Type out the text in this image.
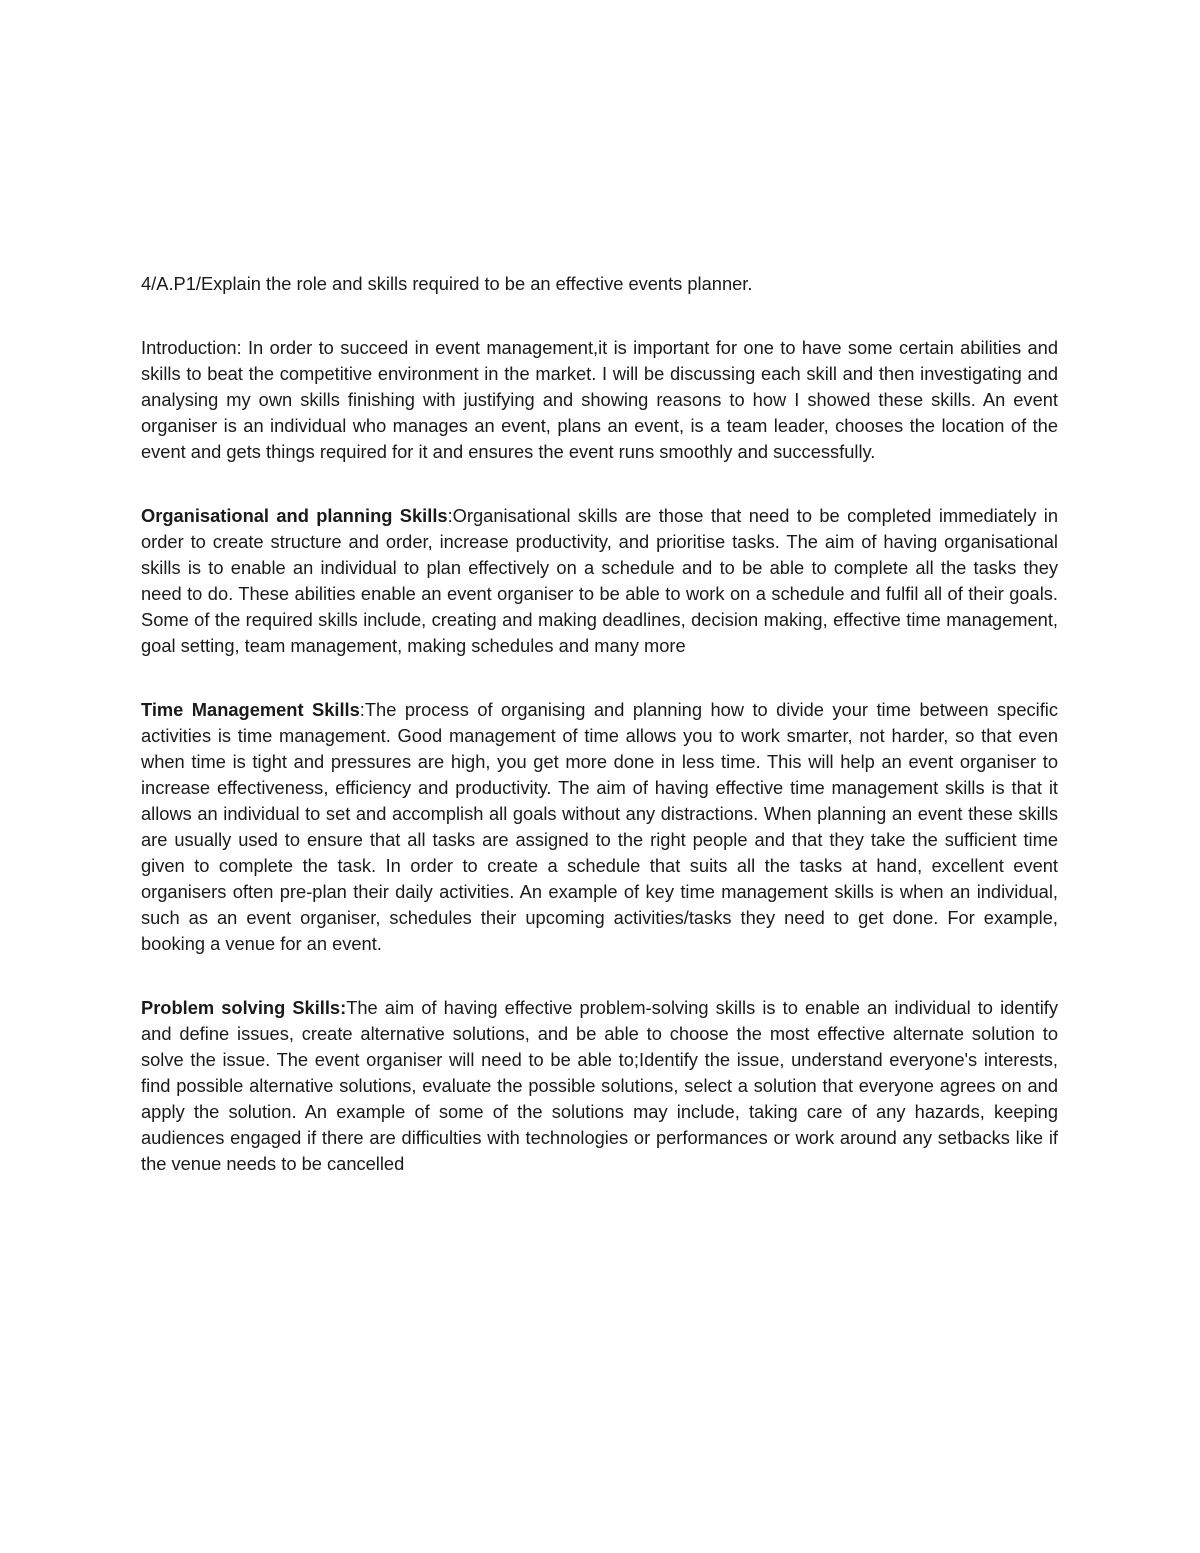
4/A.P1/Explain the role and skills required to be an effective events planner.

Introduction: In order to succeed in event management,it is important for one to have some certain abilities and skills to beat the competitive environment in the market. I will be discussing each skill and then investigating and analysing my own skills finishing with justifying and showing reasons to how I showed these skills. An event organiser is an individual who manages an event, plans an event, is a team leader, chooses the location of the event and gets things required for it and ensures the event runs smoothly and successfully.

Organisational and planning Skills:Organisational skills are those that need to be completed immediately in order to create structure and order, increase productivity, and prioritise tasks. The aim of having organisational skills is to enable an individual to plan effectively on a schedule and to be able to complete all the tasks they need to do. These abilities enable an event organiser to be able to work on a schedule and fulfil all of their goals. Some of the required skills include, creating and making deadlines, decision making, effective time management, goal setting, team management, making schedules and many more

Time Management Skills:The process of organising and planning how to divide your time between specific activities is time management. Good management of time allows you to work smarter, not harder, so that even when time is tight and pressures are high, you get more done in less time. This will help an event organiser to increase effectiveness, efficiency and productivity. The aim of having effective time management skills is that it allows an individual to set and accomplish all goals without any distractions. When planning an event these skills are usually used to ensure that all tasks are assigned to the right people and that they take the sufficient time given to complete the task. In order to create a schedule that suits all the tasks at hand, excellent event organisers often pre-plan their daily activities. An example of key time management skills is when an individual, such as an event organiser, schedules their upcoming activities/tasks they need to get done. For example, booking a venue for an event.

Problem solving Skills:The aim of having effective problem-solving skills is to enable an individual to identify and define issues, create alternative solutions, and be able to choose the most effective alternate solution to solve the issue. The event organiser will need to be able to;Identify the issue, understand everyone's interests, find possible alternative solutions, evaluate the possible solutions, select a solution that everyone agrees on and apply the solution. An example of some of the solutions may include, taking care of any hazards, keeping audiences engaged if there are difficulties with technologies or performances or work around any setbacks like if the venue needs to be cancelled
